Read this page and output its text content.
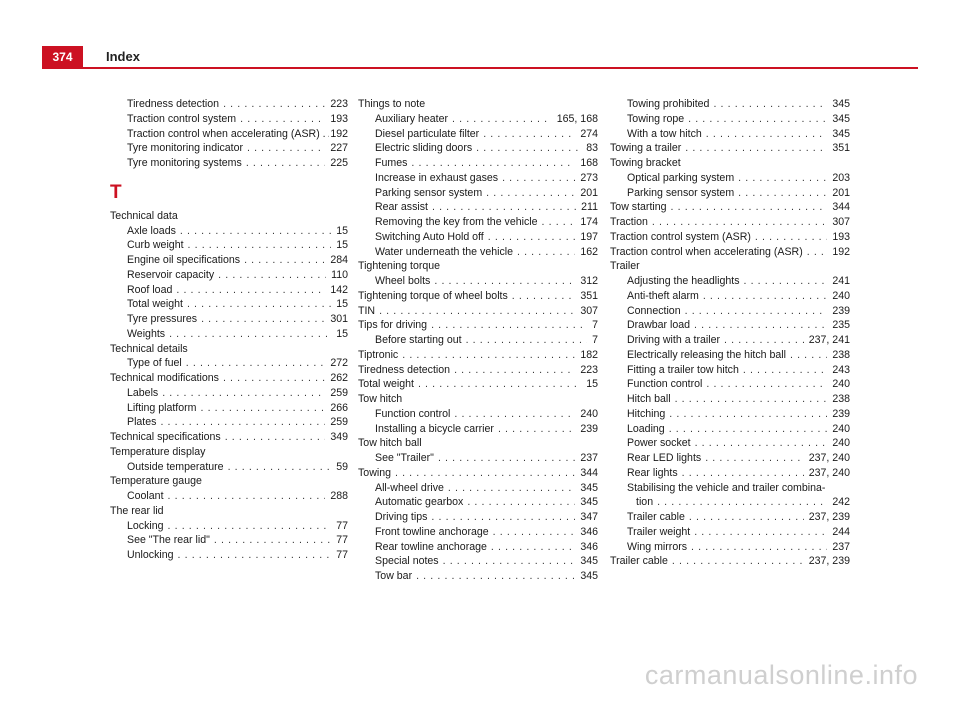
374	Index
Tiredness detection . . .	223
Traction control system . . .	193
Traction control when accelerating (ASR) . . . . 192
Tyre monitoring indicator . . .	227
Tyre monitoring systems . . .	225
T
Technical data
Axle loads . . .	15
Curb weight . . .	15
Engine oil specifications . . .	284
Reservoir capacity . . .	110
Roof load . . .	142
Total weight . . .	15
Tyre pressures . . .	301
Weights . . .	15
Technical details
Type of fuel . . .	272
Technical modifications . . .	262
Labels . . .	259
Lifting platform . . .	266
Plates . . .	259
Technical specifications . . .	349
Temperature display
Outside temperature . . .	59
Temperature gauge
Coolant . . .	288
The rear lid
Locking . . .	77
See "The rear lid" . . .	77
Unlocking . . .	77
Things to note
Auxiliary heater . . .	165, 168
Diesel particulate filter . . .	274
Electric sliding doors . . .	83
Fumes . . .	168
Increase in exhaust gases . . .	273
Parking sensor system . . .	201
Rear assist . . .	211
Removing the key from the vehicle . . .	174
Switching Auto Hold off . . .	197
Water underneath the vehicle . . .	162
Tightening torque
Wheel bolts . . .	312
Tightening torque of wheel bolts . . .	351
TIN . . .	307
Tips for driving . . .	7
Before starting out . . .	7
Tiptronic . . .	182
Tiredness detection . . .	223
Total weight . . .	15
Tow hitch
Function control . . .	240
Installing a bicycle carrier . . .	239
Tow hitch ball
See "Trailer" . . .	237
Towing . . .	344
All-wheel drive . . .	345
Automatic gearbox . . .	345
Driving tips . . .	347
Front towline anchorage . . .	346
Rear towline anchorage . . .	346
Special notes . . .	345
Tow bar . . .	345
Towing prohibited . . .	345
Towing rope . . .	345
With a tow hitch . . .	345
Towing a trailer . . .	351
Towing bracket
Optical parking system . . .	203
Parking sensor system . . .	201
Tow starting . . .	344
Traction . . .	307
Traction control system (ASR) . . .	193
Traction control when accelerating (ASR) . . .	192
Trailer
Adjusting the headlights . . .	241
Anti-theft alarm . . .	240
Connection . . .	239
Drawbar load . . .	235
Driving with a trailer . . .	237, 241
Electrically releasing the hitch ball . . .	238
Fitting a trailer tow hitch . . .	243
Function control . . .	240
Hitch ball . . .	238
Hitching . . .	239
Loading . . .	240
Power socket . . .	240
Rear LED lights . . .	237, 240
Rear lights . . .	237, 240
Stabilising the vehicle and trailer combina-
tion . . .	242
Trailer cable . . .	237, 239
Trailer weight . . .	244
Wing mirrors . . .	237
Trailer cable . . .	237, 239
carmanualsonline.info
